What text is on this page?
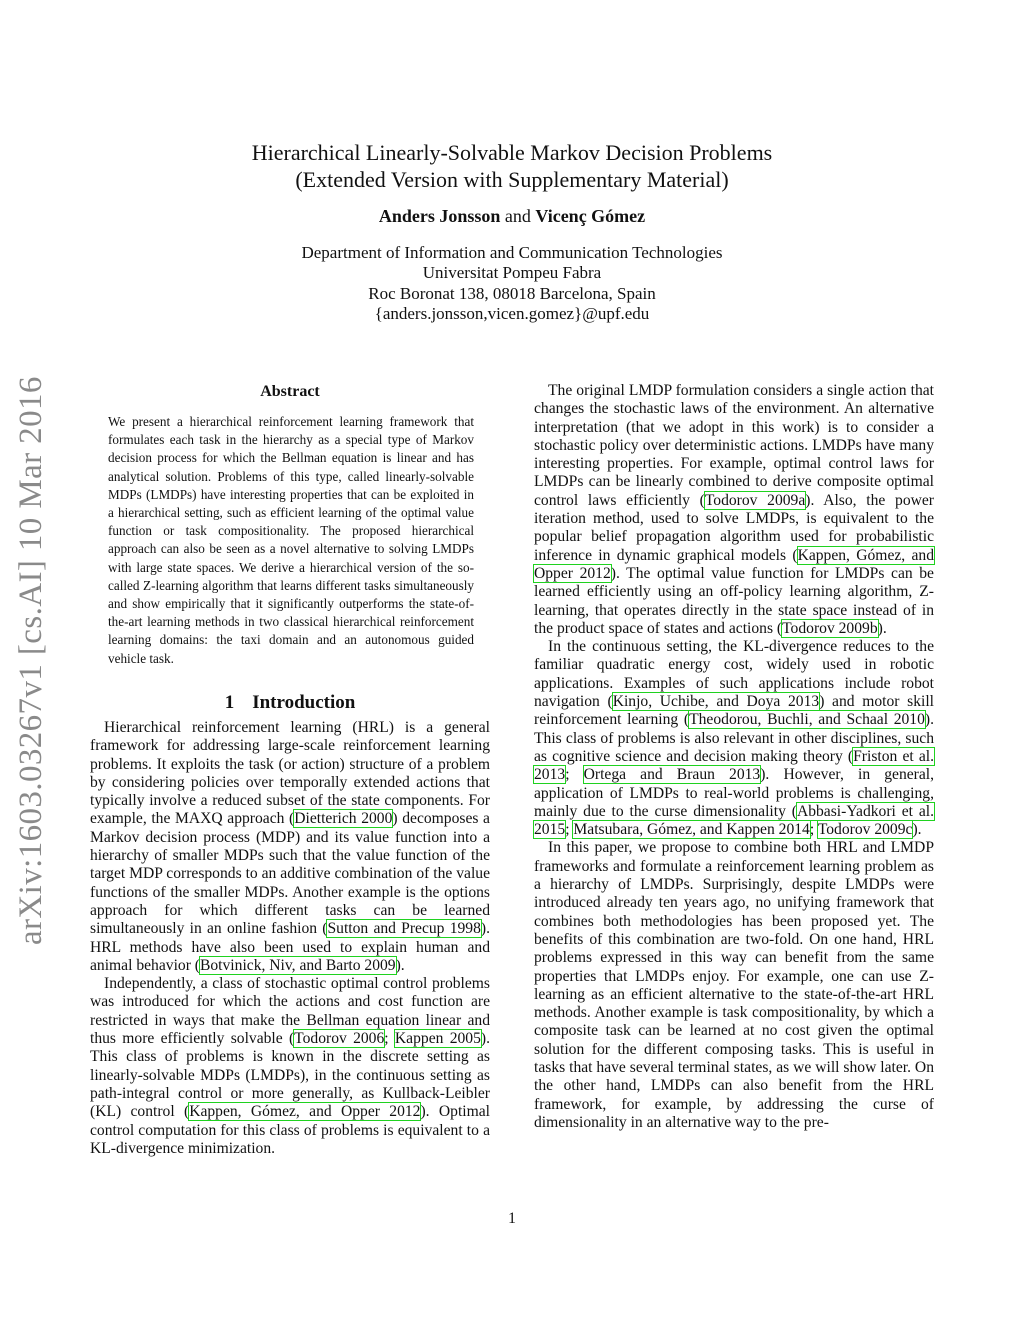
Hierarchical Linearly-Solvable Markov Decision Problems
(Extended Version with Supplementary Material)
Anders Jonsson and Vicenç Gómez
Department of Information and Communication Technologies
Universitat Pompeu Fabra
Roc Boronat 138, 08018 Barcelona, Spain
{anders.jonsson,vicen.gomez}@upf.edu
arXiv:1603.03267v1 [cs.AI] 10 Mar 2016	Abstract
We present a hierarchical reinforcement learning framework that formulates each task in the hierarchy as a special type of Markov decision process for which the Bellman equation is linear and has analytical solution. Problems of this type, called linearly-solvable MDPs (LMDPs) have interesting properties that can be exploited in a hierarchical setting, such as efficient learning of the optimal value function or task compositionality. The proposed hierarchical approach can also be seen as a novel alternative to solving LMDPs with large state spaces. We derive a hierarchical version of the so-called Z-learning algorithm that learns different tasks simultaneously and show empirically that it significantly outperforms the state-of-the-art learning methods in two classical hierarchical reinforcement learning domains: the taxi domain and an autonomous guided vehicle task.
1 Introduction

Hierarchical reinforcement learning (HRL) is a general framework for addressing large-scale reinforcement learning problems. It exploits the task (or action) structure of a problem by considering policies over temporally extended actions that typically involve a reduced subset of the state components. For example, the MAXQ approach (Dietterich 2000) decomposes a Markov decision process (MDP) and its value function into a hierarchy of smaller MDPs such that the value function of the target MDP corresponds to an additive combination of the value functions of the smaller MDPs. Another example is the options approach for which different tasks can be learned simultaneously in an online fashion (Sutton and Precup 1998). HRL methods have also been used to explain human and animal behavior (Botvinick, Niv, and Barto 2009).

Independently, a class of stochastic optimal control problems was introduced for which the actions and cost function are restricted in ways that make the Bellman equation linear and thus more efficiently solvable (Todorov 2006; Kappen 2005). This class of problems is known in the discrete setting as linearly-solvable MDPs (LMDPs), in the continuous setting as path-integral control or more generally, as Kullback-Leibler (KL) control (Kappen, Gómez, and Opper 2012). Optimal control computation for this class of problems is equivalent to a KL-divergence minimization.

The original LMDP formulation considers a single action that changes the stochastic laws of the environment. An alternative interpretation (that we adopt in this work) is to consider a stochastic policy over deterministic actions. LMDPs have many interesting properties. For example, optimal control laws for LMDPs can be linearly combined to derive composite optimal control laws efficiently (Todorov 2009a). Also, the power iteration method, used to solve LMDPs, is equivalent to the popular belief propagation algorithm used for probabilistic inference in dynamic graphical models (Kappen, Gómez, and Opper 2012). The optimal value function for LMDPs can be learned efficiently using an off-policy learning algorithm, Z-learning, that operates directly in the state space instead of in the product space of states and actions (Todorov 2009b).

In the continuous setting, the KL-divergence reduces to the familiar quadratic energy cost, widely used in robotic applications. Examples of such applications include robot navigation (Kinjo, Uchibe, and Doya 2013) and motor skill reinforcement learning (Theodorou, Buchli, and Schaal 2010). This class of problems is also relevant in other disciplines, such as cognitive science and decision making theory (Friston et al. 2013; Ortega and Braun 2013). However, in general, application of LMDPs to real-world problems is challenging, mainly due to the curse dimensionality (Abbasi-Yadkori et al. 2015; Matsubara, Gómez, and Kappen 2014; Todorov 2009c).

In this paper, we propose to combine both HRL and LMDP frameworks and formulate a reinforcement learning problem as a hierarchy of LMDPs. Surprisingly, despite LMDPs were introduced already ten years ago, no unifying framework that combines both methodologies has been proposed yet. The benefits of this combination are two-fold. On one hand, HRL problems expressed in this way can benefit from the same properties that LMDPs enjoy. For example, one can use Z-learning as an efficient alternative to the state-of-the-art HRL methods. Another example is task compositionality, by which a composite task can be learned at no cost given the optimal solution for the different composing tasks. This is useful in tasks that have several terminal states, as we will show later. On the other hand, LMDPs can also benefit from the HRL framework, for example, by addressing the curse of dimensionality in an alternative way to the pre-

1
